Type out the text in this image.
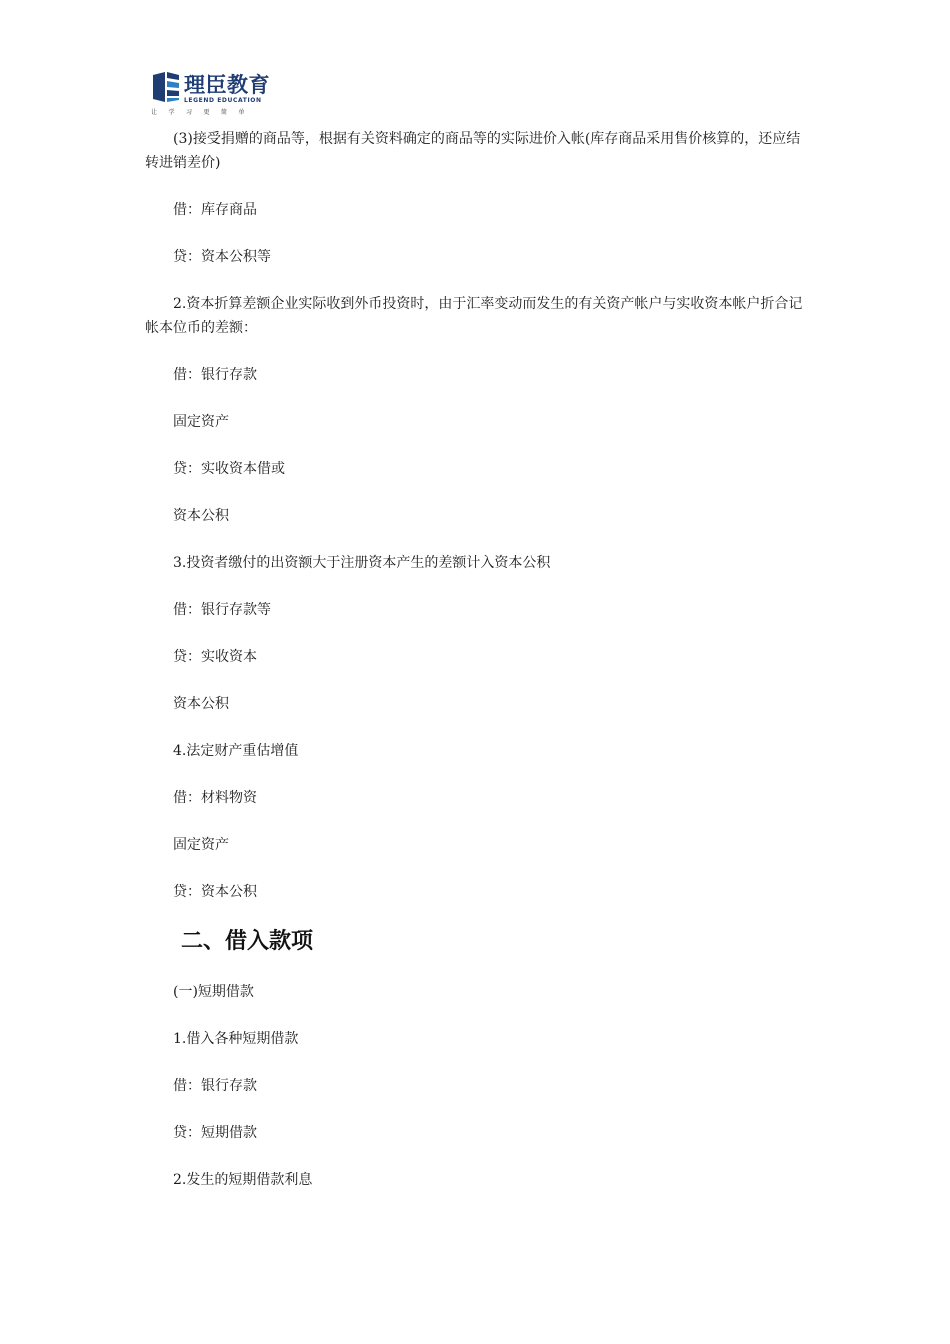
理臣教育
LEGEND EDUCATION
让学习更简单

(3)接受捐赠的商品等，根据有关资料确定的商品等的实际进价入帐(库存商品采用售价核算的，还应结转进销差价)

借：库存商品

贷：资本公积等

2.资本折算差额企业实际收到外币投资时，由于汇率变动而发生的有关资产帐户与实收资本帐户折合记帐本位币的差额：

借：银行存款

固定资产

贷：实收资本借或

资本公积

3.投资者缴付的出资额大于注册资本产生的差额计入资本公积

借：银行存款等

贷：实收资本

资本公积

4.法定财产重估增值

借：材料物资

固定资产

贷：资本公积

二、借入款项

(一)短期借款

1.借入各种短期借款

借：银行存款

贷：短期借款

2.发生的短期借款利息
